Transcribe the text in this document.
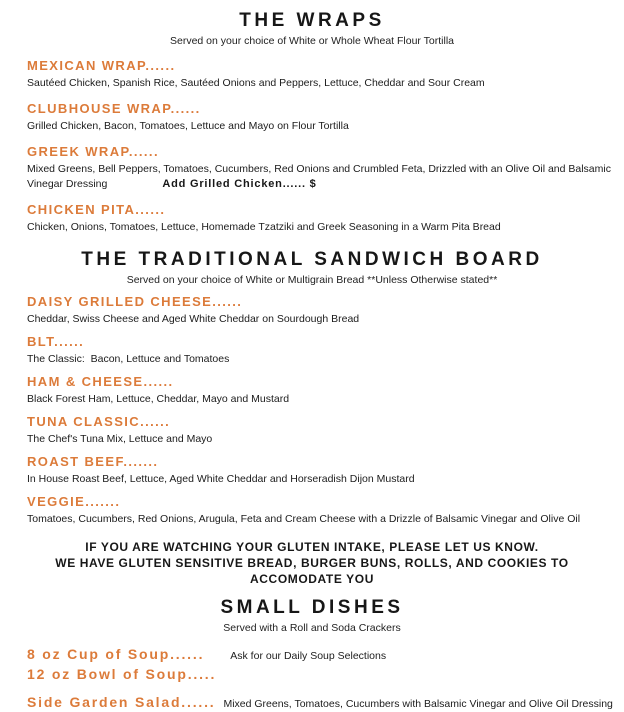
THE WRAPS
Served on your choice of White or Whole Wheat Flour Tortilla
MEXICAN WRAP......
Sautéed Chicken, Spanish Rice, Sautéed Onions and Peppers, Lettuce, Cheddar and Sour Cream
CLUBHOUSE WRAP......
Grilled Chicken, Bacon, Tomatoes, Lettuce and Mayo on Flour Tortilla
GREEK WRAP......
Mixed Greens, Bell Peppers, Tomatoes, Cucumbers, Red Onions and Crumbled Feta, Drizzled with an Olive Oil and Balsamic Vinegar Dressing	Add Grilled Chicken...... $
CHICKEN PITA......
Chicken, Onions, Tomatoes, Lettuce, Homemade Tzatziki and Greek Seasoning in a Warm Pita Bread
THE TRADITIONAL SANDWICH BOARD
Served on your choice of White or Multigrain Bread **Unless Otherwise stated**
DAISY GRILLED CHEESE......
Cheddar, Swiss Cheese and Aged White Cheddar on Sourdough Bread
BLT......
The Classic:  Bacon, Lettuce and Tomatoes
HAM & CHEESE......
Black Forest Ham, Lettuce, Cheddar, Mayo and Mustard
TUNA CLASSIC......
The Chef's Tuna Mix, Lettuce and Mayo
ROAST BEEF.......
In House Roast Beef, Lettuce, Aged White Cheddar and Horseradish Dijon Mustard
VEGGIE.......
Tomatoes, Cucumbers, Red Onions, Arugula, Feta and Cream Cheese with a Drizzle of Balsamic Vinegar and Olive Oil
IF YOU ARE WATCHING YOUR GLUTEN INTAKE, PLEASE LET US KNOW.
WE HAVE GLUTEN SENSITIVE BREAD, BURGER BUNS, ROLLS, AND COOKIES TO ACCOMODATE YOU
SMALL DISHES
Served with a Roll and Soda Crackers
8 oz Cup of Soup...... Ask for our Daily Soup Selections
12 oz Bowl of Soup.....
Side Garden Salad...... Mixed Greens, Tomatoes, Cucumbers with Balsamic Vinegar and Olive Oil Dressing
